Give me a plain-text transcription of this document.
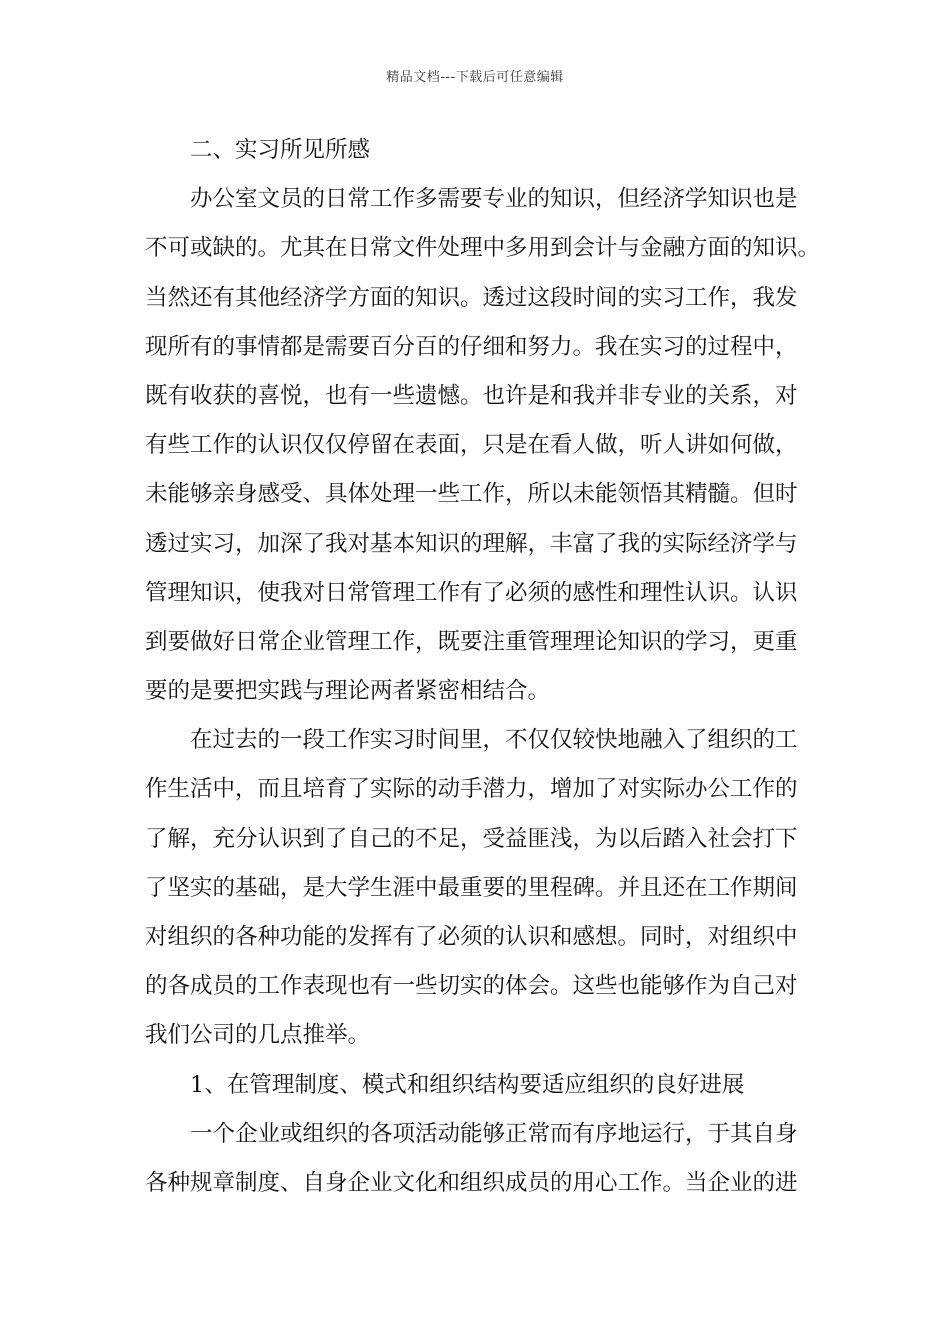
精品文档---下载后可任意编辑
二、实习所见所感
办公室文员的日常工作多需要专业的知识，但经济学知识也是
不可或缺的。尤其在日常文件处理中多用到会计与金融方面的知识。
当然还有其他经济学方面的知识。透过这段时间的实习工作，我发
现所有的事情都是需要百分百的仔细和努力。我在实习的过程中，
既有收获的喜悦，也有一些遗憾。也许是和我并非专业的关系，对
有些工作的认识仅仅停留在表面，只是在看人做，听人讲如何做，
未能够亲身感受、具体处理一些工作，所以未能领悟其精髓。但时
透过实习，加深了我对基本知识的理解，丰富了我的实际经济学与
管理知识，使我对日常管理工作有了必须的感性和理性认识。认识
到要做好日常企业管理工作，既要注重管理理论知识的学习，更重
要的是要把实践与理论两者紧密相结合。
在过去的一段工作实习时间里，不仅仅较快地融入了组织的工
作生活中，而且培育了实际的动手潜力，增加了对实际办公工作的
了解，充分认识到了自己的不足，受益匪浅，为以后踏入社会打下
了坚实的基础，是大学生涯中最重要的里程碑。并且还在工作期间
对组织的各种功能的发挥有了必须的认识和感想。同时，对组织中
的各成员的工作表现也有一些切实的体会。这些也能够作为自己对
我们公司的几点推举。
1、在管理制度、模式和组织结构要适应组织的良好进展
一个企业或组织的各项活动能够正常而有序地运行，于其自身
各种规章制度、自身企业文化和组织成员的用心工作。当企业的进
